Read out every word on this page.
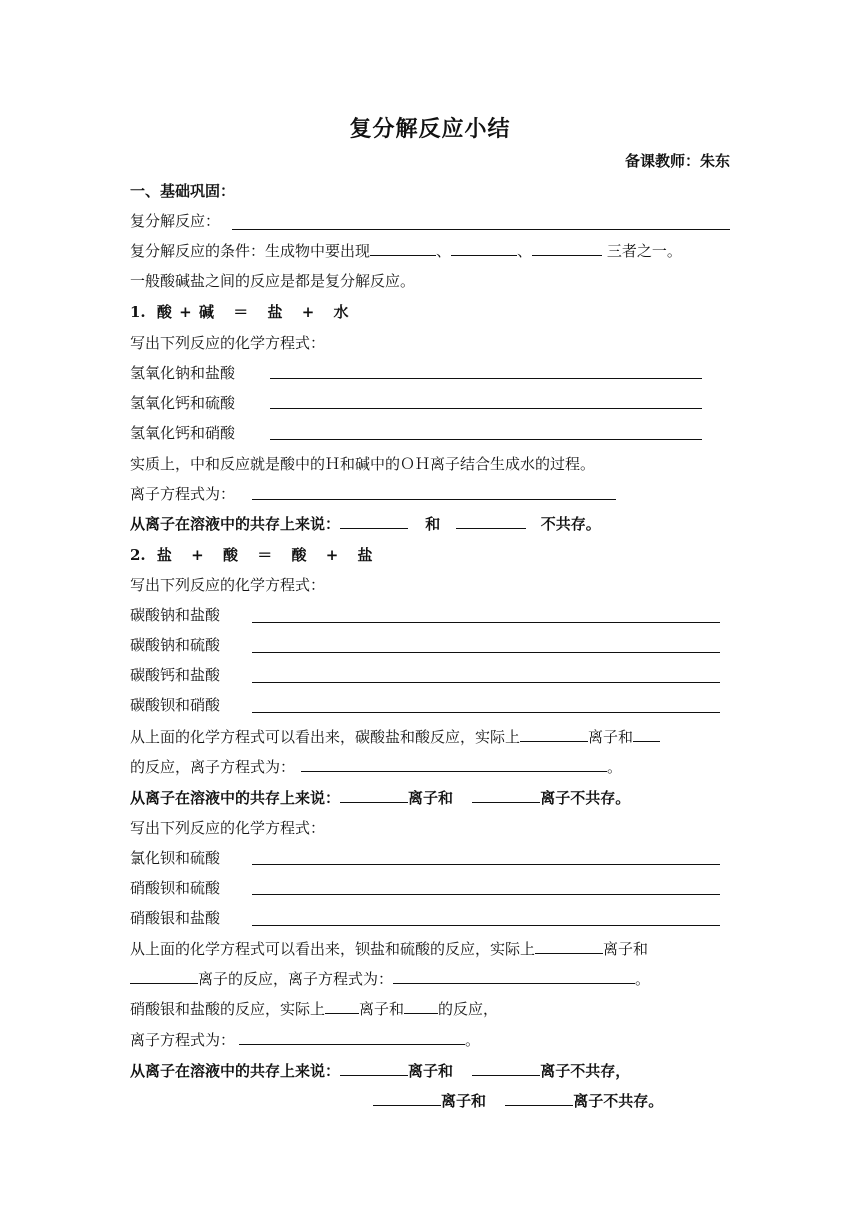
复分解反应小结
备课教师：朱东
一、基础巩固：
复分解反应：
复分解反应的条件：生成物中要出现	、	、	三者之一。
一般酸碱盐之间的反应是都是复分解反应。
1. 酸 + 碱 ＝ 盐 + 水
写出下列反应的化学方程式：
氢氧化钠和盐酸
氢氧化钙和硫酸
氢氧化钙和硝酸
实质上，中和反应就是酸中的Ｈ和碱中的ＯＨ离子结合生成水的过程。
离子方程式为：
从离子在溶液中的共存上来说：	和	不共存。
2. 盐 + 酸 ＝ 酸 + 盐
写出下列反应的化学方程式：
碳酸钠和盐酸
碳酸钠和硫酸
碳酸钙和盐酸
碳酸钡和硝酸
从上面的化学方程式可以看出来，碳酸盐和酸反应，实际上	离子和
的反应，离子方程式为：	。
从离子在溶液中的共存上来说：	离子和	离子不共存。
写出下列反应的化学方程式：
氯化钡和硫酸
硝酸钡和硫酸
硝酸银和盐酸
从上面的化学方程式可以看出来，钡盐和硫酸的反应，实际上	离子和
离子的反应，离子方程式为：	。
硝酸银和盐酸的反应，实际上 离子和 的反应，
离子方程式为：	。
从离子在溶液中的共存上来说：	离子和	离子不共存，
离子和	离子不共存。
